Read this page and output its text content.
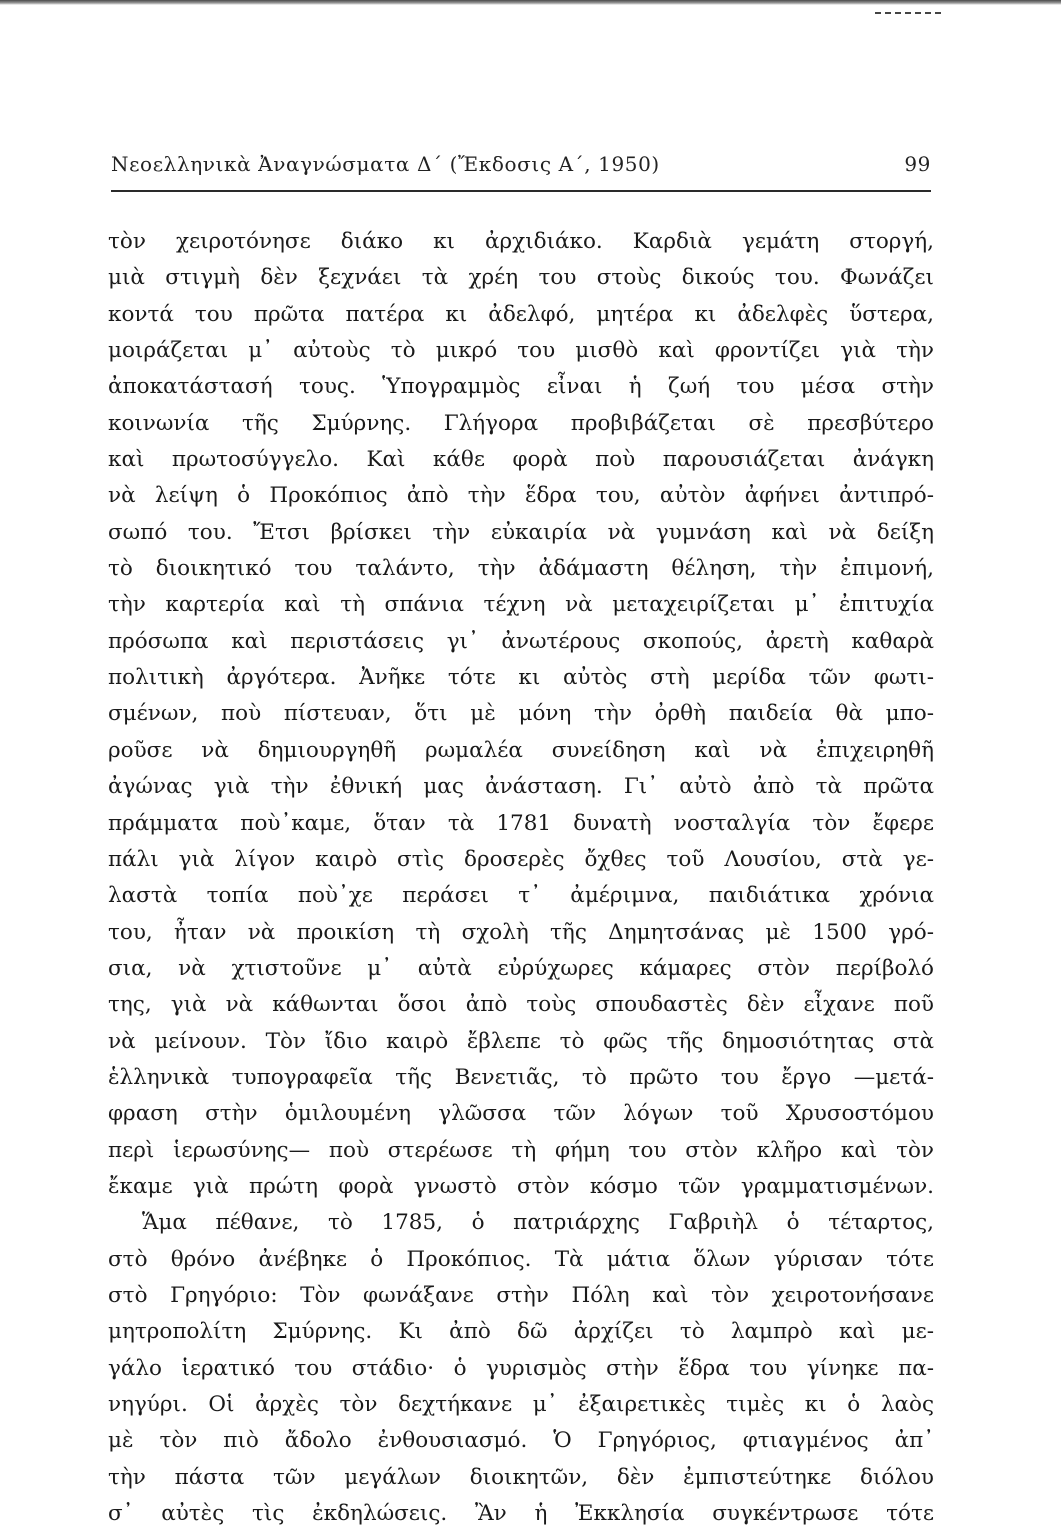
Νεοελληνικὰ Ἀναγνώσματα Δ΄ (Ἔκδοσις Α΄, 1950)	99
τὸν χειροτόνησε διάκο κι ἀρχιδιάκο. Καρδιὰ γεμάτη στοργή,
μιὰ στιγμὴ δὲν ξεχνάει τὰ χρέη του στοὺς δικούς του. Φωνάζει
κοντά του πρῶτα πατέρα κι ἀδελφό, μητέρα κι ἀδελφὲς ὕστερα,
μοιράζεται μ᾽ αὐτοὺς τὸ μικρό του μισθὸ καὶ φροντίζει γιὰ τὴν
ἀποκατάστασή τους. Ὑπογραμμὸς εἶναι ἡ ζωή του μέσα στὴν
κοινωνία τῆς Σμύρνης. Γλήγορα προβιβάζεται σὲ πρεσβύτερο
καὶ πρωτοσύγγελο. Καὶ κάθε φορὰ ποὺ παρουσιάζεται ἀνάγκη
νὰ λείψη ὁ Προκόπιος ἀπὸ τὴν ἕδρα του, αὐτὸν ἀφήνει ἀντιπρό-
σωπό του. Ἔτσι βρίσκει τὴν εὐκαιρία νὰ γυμνάση καὶ νὰ δείξη
τὸ διοικητικό του ταλάντο, τὴν ἀδάμαστη θέληση, τὴν ἐπιμονή,
τὴν καρτερία καὶ τὴ σπάνια τέχνη νὰ μεταχειρίζεται μ᾽ ἐπιτυχία
πρόσωπα καὶ περιστάσεις γι᾽ ἀνωτέρους σκοπούς, ἀρετὴ καθαρὰ
πολιτικὴ ἀργότερα. Ἀνῆκε τότε κι αὐτὸς στὴ μερίδα τῶν φωτι-
σμένων, ποὺ πίστευαν, ὅτι μὲ μόνη τὴν ὀρθὴ παιδεία θὰ μπο-
ροῦσε νὰ δημιουργηθῆ ρωμαλέα συνείδηση καὶ νὰ ἐπιχειρηθῆ
ἀγώνας γιὰ τὴν ἐθνική μας ἀνάσταση. Γι᾽ αὐτὸ ἀπὸ τὰ πρῶτα
πράμματα ποὺ᾽καμε, ὅταν τὰ 1781 δυνατὴ νοσταλγία τὸν ἔφερε
πάλι γιὰ λίγον καιρὸ στὶς δροσερὲς ὄχθες τοῦ Λουσίου, στὰ γε-
λαστὰ τοπία ποὺ᾽χε περάσει τ᾽ ἀμέριμνα, παιδιάτικα χρόνια
του, ἦταν νὰ προικίση τὴ σχολὴ τῆς Δημητσάνας μὲ 1500 γρό-
σια, νὰ χτιστοῦνε μ᾽ αὐτὰ εὐρύχωρες κάμαρες στὸν περίβολό
της, γιὰ νὰ κάθωνται ὅσοι ἀπὸ τοὺς σπουδαστὲς δὲν εἶχανε ποῦ
νὰ μείνουν. Τὸν ἴδιο καιρὸ ἔβλεπε τὸ φῶς τῆς δημοσιότητας στὰ
ἑλληνικὰ τυπογραφεῖα τῆς Βενετιᾶς, τὸ πρῶτο του ἔργο —μετά-
φραση στὴν ὁμιλουμένη γλῶσσα τῶν λόγων τοῦ Χρυσοστόμου
περὶ ἱερωσύνης— ποὺ στερέωσε τὴ φήμη του στὸν κλῆρο καὶ τὸν
ἔκαμε γιὰ πρώτη φορὰ γνωστὸ στὸν κόσμο τῶν γραμματισμένων.
Ἅμα πέθανε, τὸ 1785, ὁ πατριάρχης Γαβριὴλ ὁ τέταρτος,
στὸ θρόνο ἀνέβηκε ὁ Προκόπιος. Τὰ μάτια ὅλων γύρισαν τότε
στὸ Γρηγόριο: Τὸν φωνάξανε στὴν Πόλη καὶ τὸν χειροτονήσανε
μητροπολίτη Σμύρνης. Κι ἀπὸ δῶ ἀρχίζει τὸ λαμπρὸ καὶ με-
γάλο ἱερατικό του στάδιο· ὁ γυρισμὸς στὴν ἕδρα του γίνηκε πα-
νηγύρι. Οἱ ἀρχὲς τὸν δεχτήκανε μ᾽ ἐξαιρετικὲς τιμὲς κι ὁ λαὸς
μὲ τὸν πιὸ ἄδολο ἐνθουσιασμό. Ὁ Γρηγόριος, φτιαγμένος ἀπ᾽
τὴν πάστα τῶν μεγάλων διοικητῶν, δὲν ἐμπιστεύτηκε διόλου
σ᾽ αὐτὲς τὶς ἐκδηλώσεις. Ἂν ἡ Ἐκκλησία συγκέντρωσε τότε
